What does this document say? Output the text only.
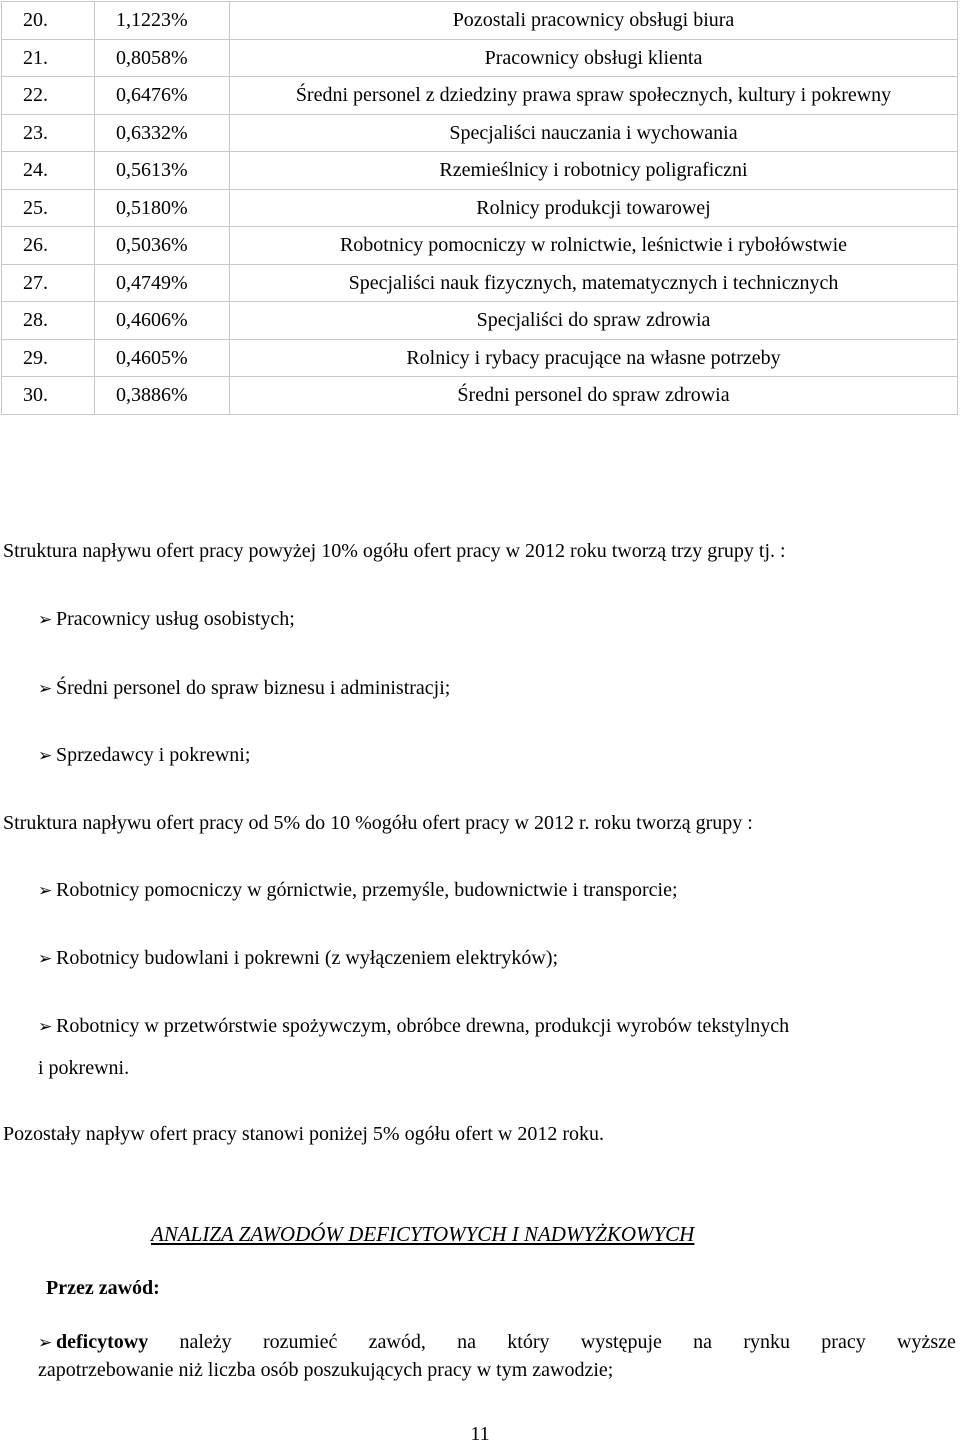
20.	1,1223%	Pozostali pracownicy obsługi biura
21.	0,8058%	Pracownicy obsługi klienta
22.	0,6476%	Średni personel z dziedziny prawa spraw społecznych, kultury i pokrewny
23.	0,6332%	Specjaliści nauczania i wychowania
24.	0,5613%	Rzemieślnicy i robotnicy poligraficzni
25.	0,5180%	Rolnicy produkcji towarowej
26.	0,5036%	Robotnicy pomocniczy w rolnictwie, leśnictwie i rybołówstwie
27.	0,4749%	Specjaliści nauk fizycznych, matematycznych i technicznych
28.	0,4606%	Specjaliści do spraw zdrowia
29.	0,4605%	Rolnicy i rybacy pracujące na własne potrzeby
30.	0,3886%	Średni personel do spraw zdrowia
Struktura napływu ofert pracy powyżej 10% ogółu ofert pracy w 2012 roku tworzą trzy grupy tj. :
➢ Pracownicy usług osobistych;
➢ Średni personel do spraw biznesu i administracji;
➢ Sprzedawcy i pokrewni;
Struktura napływu ofert pracy od 5% do 10 %ogółu ofert pracy w 2012 r. roku tworzą grupy :
➢ Robotnicy pomocniczy w górnictwie, przemyśle, budownictwie i transporcie;
➢ Robotnicy budowlani i pokrewni (z wyłączeniem elektryków);
➢ Robotnicy w przetwórstwie spożywczym, obróbce drewna, produkcji wyrobów tekstylnych
i pokrewni.
Pozostały napływ ofert pracy stanowi poniżej 5% ogółu ofert w 2012 roku.
ANALIZA ZAWODÓW DEFICYTOWYCH I NADWYŻKOWYCH
Przez zawód:
➢ deficytowy należy rozumieć zawód, na który występuje na rynku pracy wyższe
zapotrzebowanie niż liczba osób poszukujących pracy w tym zawodzie;
11
